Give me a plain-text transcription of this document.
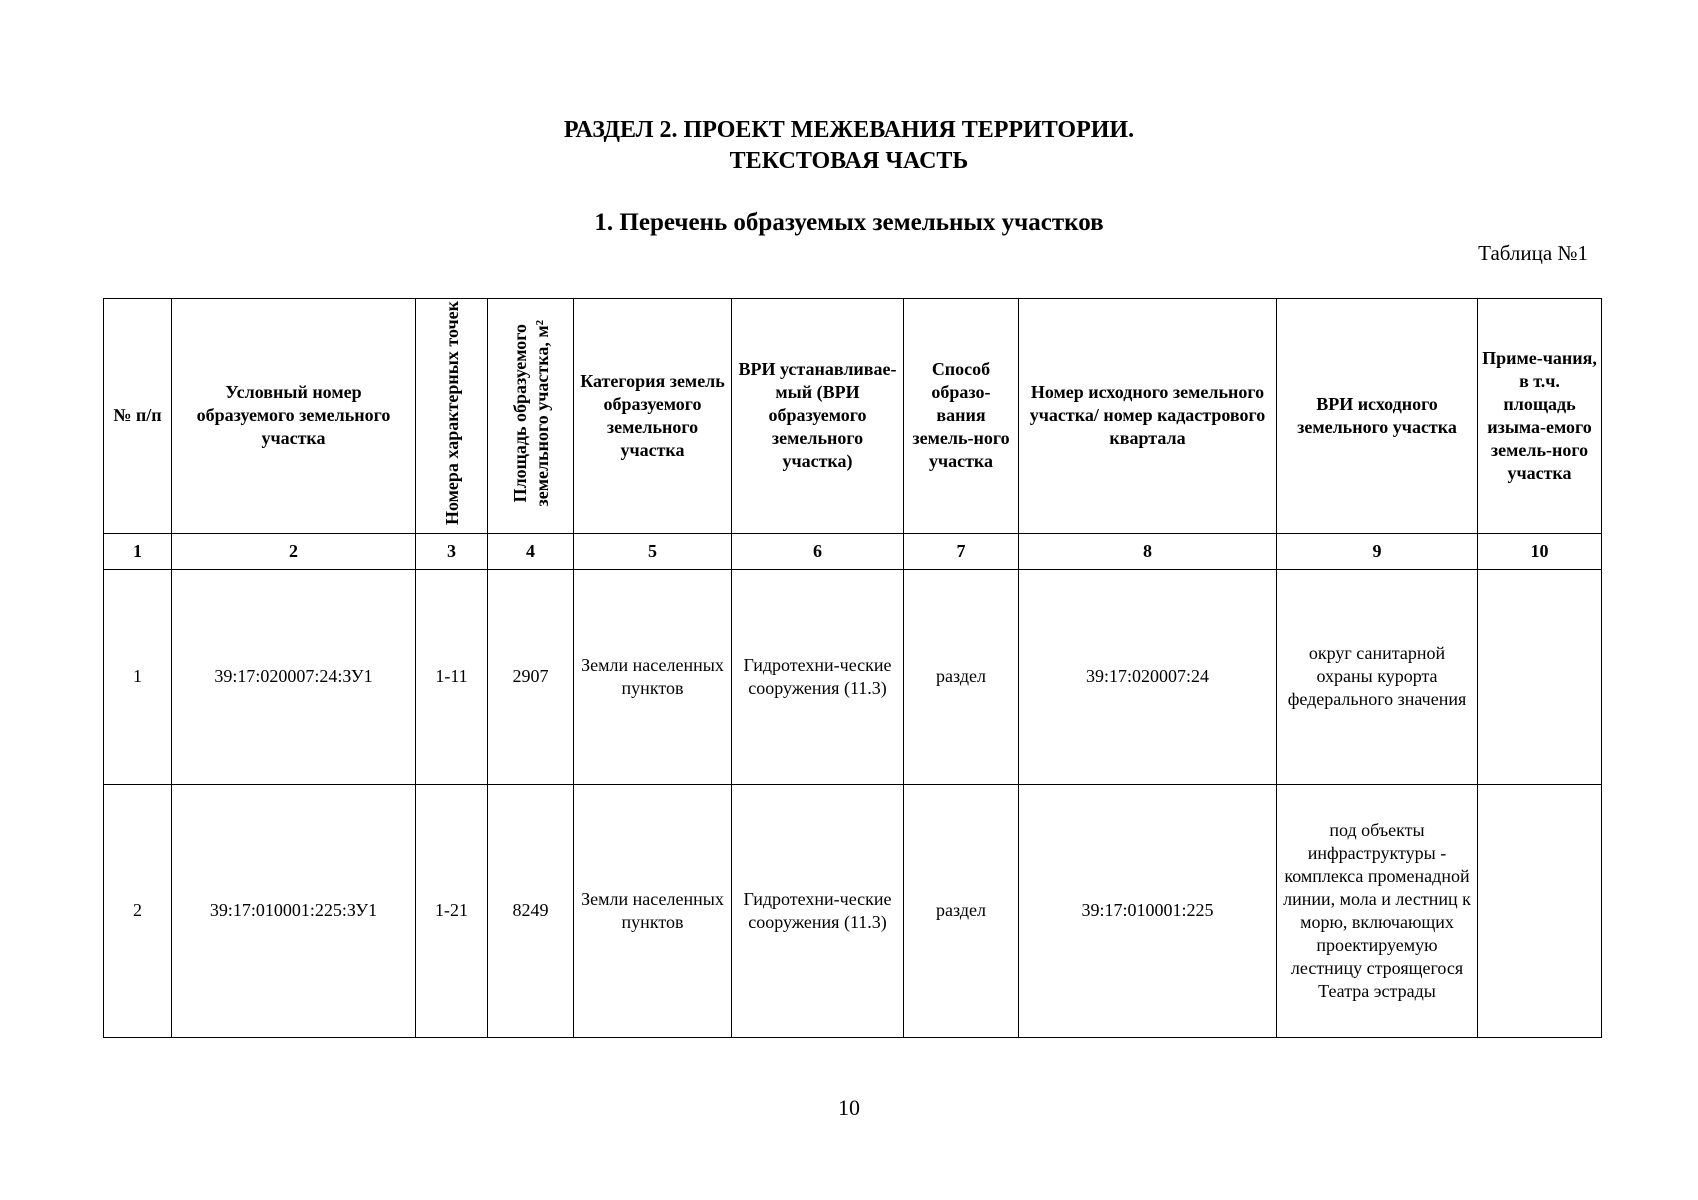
РАЗДЕЛ 2. ПРОЕКТ МЕЖЕВАНИЯ ТЕРРИТОРИИ.
ТЕКСТОВАЯ ЧАСТЬ
1. Перечень образуемых земельных участков
Таблица №1
№ п/п	Условный номер образуемого земельного участка	Номера характерных точек	Площадь образуемого земельного участка, м²	Категория земель образуемого земельного участка	ВРИ устанавливае-мый (ВРИ образуемого земельного участка)	Способ образо-вания земель-ного участка	Номер исходного земельного участка/ номер кадастрового квартала	ВРИ исходного земельного участка	Приме-чания, в т.ч. площадь изыма-емого земель-ного участка
1	2	3	4	5	6	7	8	9	10
1	39:17:020007:24:ЗУ1	1-11	2907	Земли населенных пунктов	Гидротехни-ческие сооружения (11.3)	раздел	39:17:020007:24	округ санитарной охраны курорта федерального значения	
2	39:17:010001:225:ЗУ1	1-21	8249	Земли населенных пунктов	Гидротехни-ческие сооружения (11.3)	раздел	39:17:010001:225	под объекты инфраструктуры - комплекса променадной линии, мола и лестниц к морю, включающих проектируемую лестницу строящегося Театра эстрады	
10
